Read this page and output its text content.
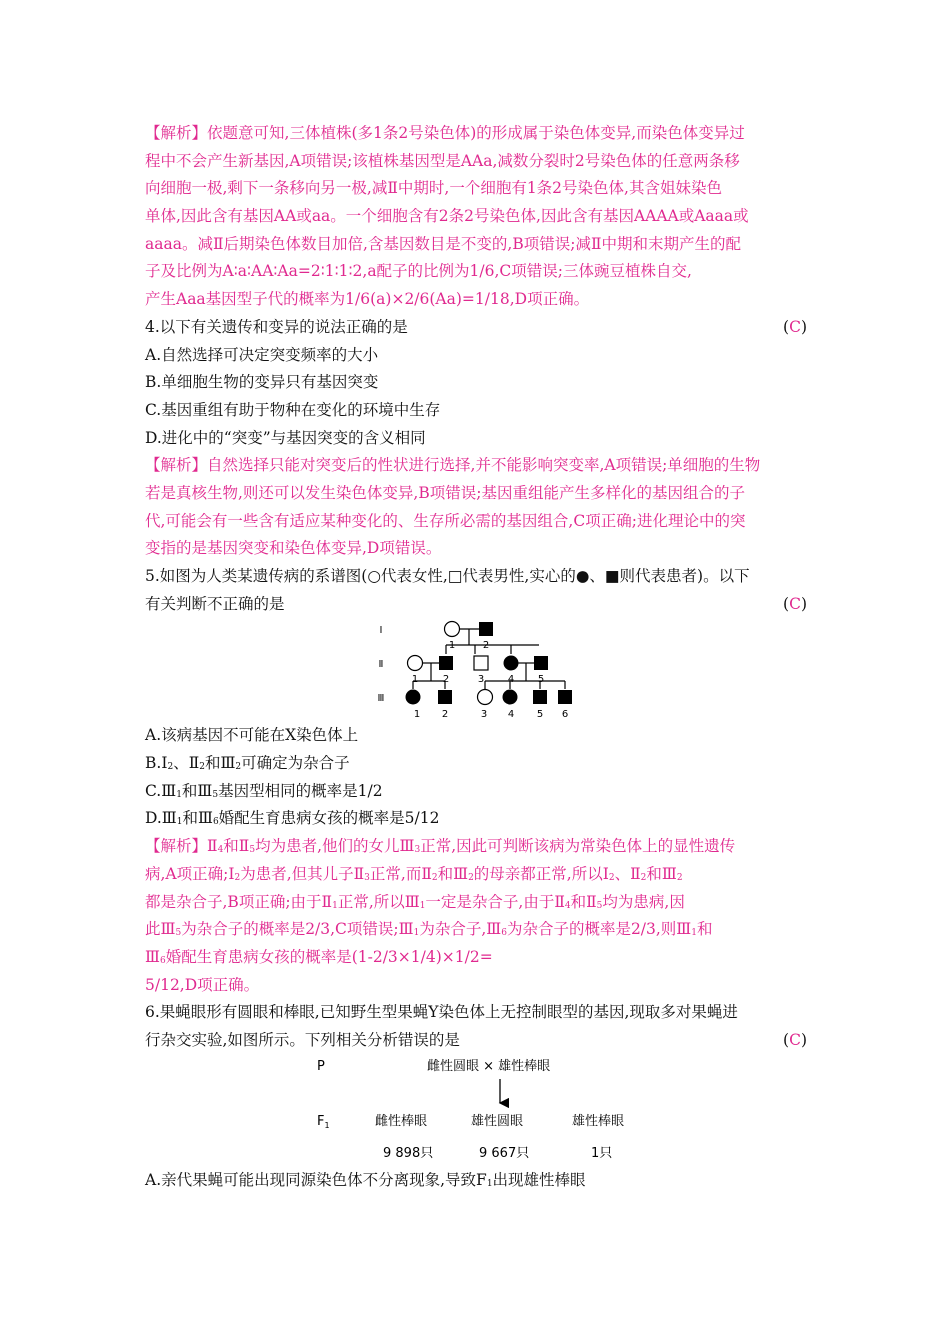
【解析】依题意可知,三体植株(多1条2号染色体)的形成属于染色体变异,而染色体变异过
程中不会产生新基因,A项错误;该植株基因型是AAa,减数分裂时2号染色体的任意两条移
向细胞一极,剩下一条移向另一极,减Ⅱ中期时,一个细胞有1条2号染色体,其含姐妹染色
单体,因此含有基因AA或aa。一个细胞含有2条2号染色体,因此含有基因AAAA或Aaaa或
aaaa。减Ⅱ后期染色体数目加倍,含基因数目是不变的,B项错误;减Ⅱ中期和末期产生的配
子及比例为A∶a∶AA∶Aa=2∶1∶1∶2,a配子的比例为1/6,C项错误;三体豌豆植株自交,
产生Aaa基因型子代的概率为1/6(a)×2/6(Aa)=1/18,D项正确。
4.以下有关遗传和变异的说法正确的是	(C)
A.自然选择可决定突变频率的大小
B.单细胞生物的变异只有基因突变
C.基因重组有助于物种在变化的环境中生存
D.进化中的“突变”与基因突变的含义相同
【解析】自然选择只能对突变后的性状进行选择,并不能影响突变率,A项错误;单细胞的生物
若是真核生物,则还可以发生染色体变异,B项错误;基因重组能产生多样化的基因组合的子
代,可能会有一些含有适应某种变化的、生存所必需的基因组合,C项正确;进化理论中的突
变指的是基因突变和染色体变异,D项错误。
5.如图为人类某遗传病的系谱图(○代表女性,□代表男性,实心的●、■则代表患者)。以下
有关判断不正确的是	(C)
Ⅰ
Ⅱ
Ⅲ
1	2
1 2	3 4 5
1 2	3 4 5 6
A.该病基因不可能在X染色体上
$B.Ⅰ_2$、$Ⅱ_2$和$Ⅲ_2$可确定为杂合子
$C.Ⅲ_1$和$Ⅲ_5$基因型相同的概率是1/2
$D.Ⅲ_1$和$Ⅲ_6$婚配生育患病女孩的概率是5/12
【解析】$Ⅱ_4$和$Ⅱ_5$均为患者,他们的女儿$Ⅲ_3$正常,因此可判断该病为常染色体上的显性遗传
病,A项正确$;Ⅰ_2$为患者,但其儿子$Ⅱ_3$正常,而$Ⅱ_2$和$Ⅲ_2$的母亲都正常,所以$Ⅰ_2$、$Ⅱ_2$和$Ⅲ_2$
都是杂合子,B项正确;由于$Ⅱ_1$正常,所以$Ⅲ_1$一定是杂合子,由于$Ⅱ_4$和$Ⅱ_5$均为患病,因
此$Ⅲ_5$为杂合子的概率是2/3,C项错误$;Ⅲ_1$为杂合子$,Ⅲ_6$为杂合子的概率是2/3,则$Ⅲ_1$和
$Ⅲ_6$婚配生育患病女孩的概率是(1-2/3×1/4)×1/2=
5/12,D项正确。
6.果蝇眼形有圆眼和棒眼,已知野生型果蝇Y染色体上无控制眼型的基因,现取多对果蝇进
行杂交实验,如图所示。下列相关分析错误的是	(C)
P	雌性圆眼 × 雄性棒眼
$F_1$	雌性棒眼	雄性圆眼	雄性棒眼
9 898只	9 667只	1只
A.亲代果蝇可能出现同源染色体不分离现象,导致$F_1$出现雄性棒眼
